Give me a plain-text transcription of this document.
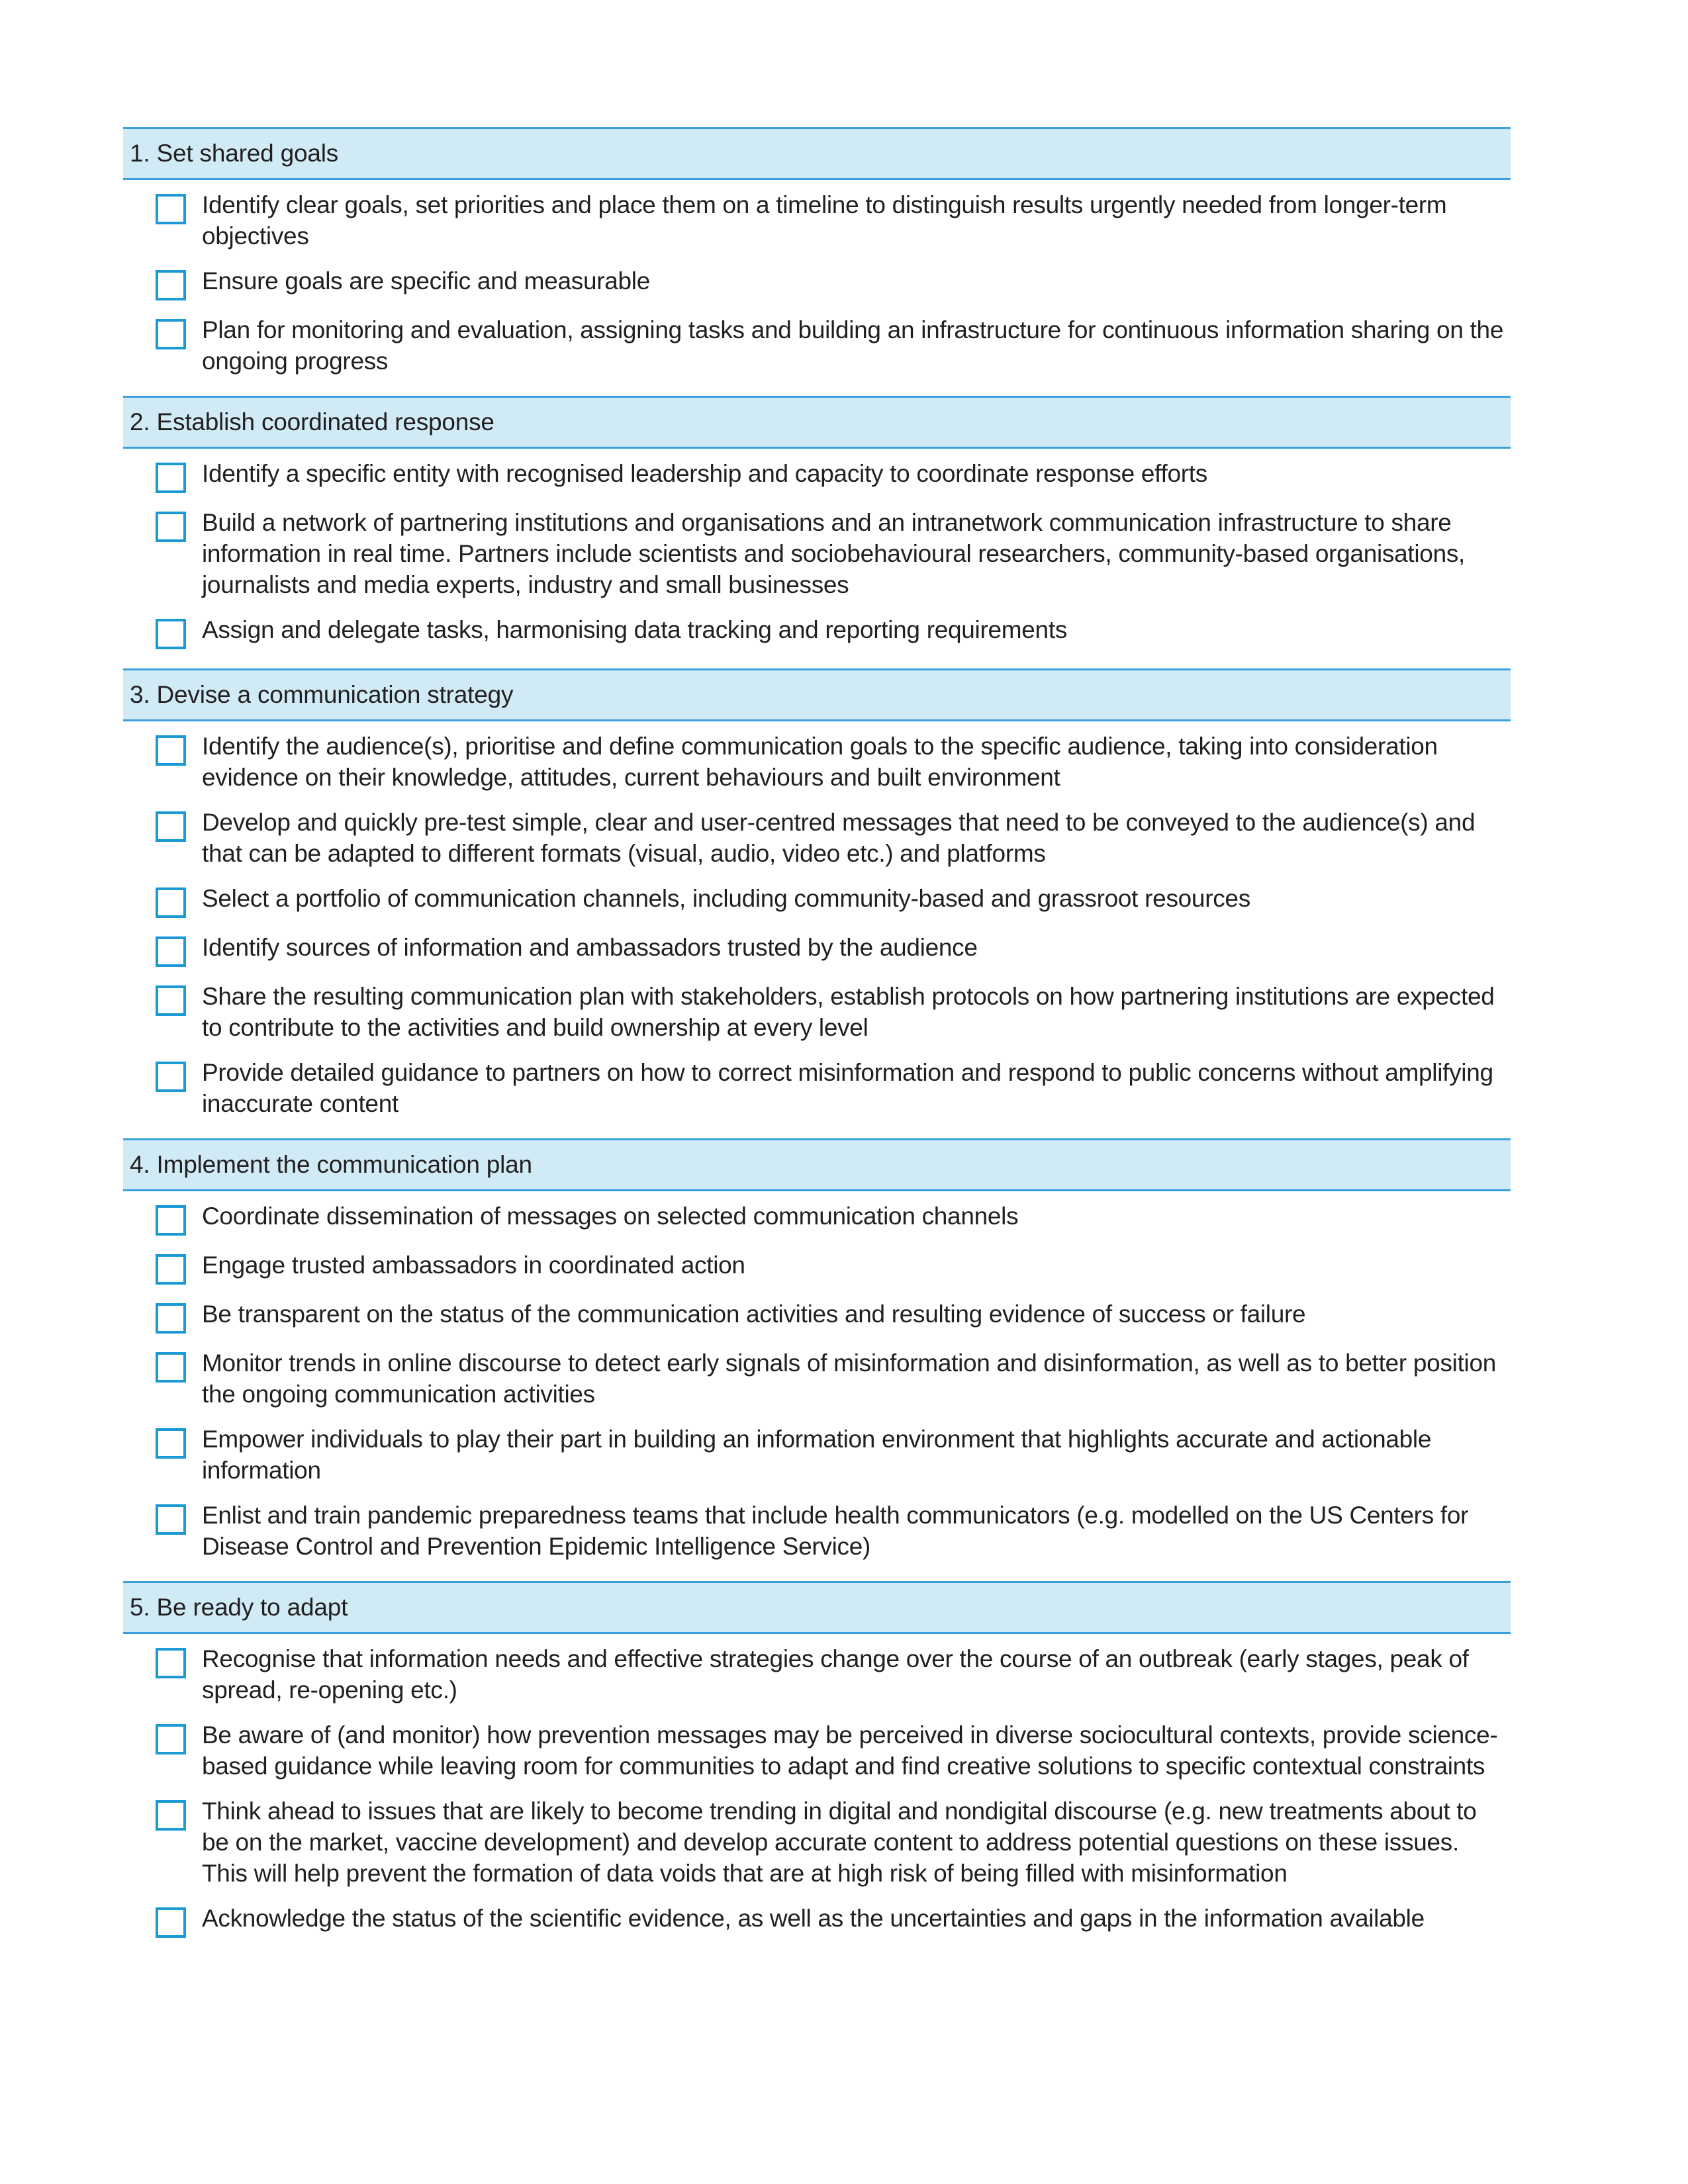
1. Set shared goals
Identify clear goals, set priorities and place them on a timeline to distinguish results urgently needed from longer-term objectives
Ensure goals are specific and measurable
Plan for monitoring and evaluation, assigning tasks and building an infrastructure for continuous information sharing on the ongoing progress
2. Establish coordinated response
Identify a specific entity with recognised leadership and capacity to coordinate response efforts
Build a network of partnering institutions and organisations and an intranetwork communication infrastructure to share information in real time. Partners include scientists and sociobehavioural researchers, community-based organisations, journalists and media experts, industry and small businesses
Assign and delegate tasks, harmonising data tracking and reporting requirements
3. Devise a communication strategy
Identify the audience(s), prioritise and define communication goals to the specific audience, taking into consideration evidence on their knowledge, attitudes, current behaviours and built environment
Develop and quickly pre-test simple, clear and user-centred messages that need to be conveyed to the audience(s) and that can be adapted to different formats (visual, audio, video etc.) and platforms
Select a portfolio of communication channels, including community-based and grassroot resources
Identify sources of information and ambassadors trusted by the audience
Share the resulting communication plan with stakeholders, establish protocols on how partnering institutions are expected to contribute to the activities and build ownership at every level
Provide detailed guidance to partners on how to correct misinformation and respond to public concerns without amplifying inaccurate content
4. Implement the communication plan
Coordinate dissemination of messages on selected communication channels
Engage trusted ambassadors in coordinated action
Be transparent on the status of the communication activities and resulting evidence of success or failure
Monitor trends in online discourse to detect early signals of misinformation and disinformation, as well as to better position the ongoing communication activities
Empower individuals to play their part in building an information environment that highlights accurate and actionable information
Enlist and train pandemic preparedness teams that include health communicators (e.g. modelled on the US Centers for Disease Control and Prevention Epidemic Intelligence Service)
5. Be ready to adapt
Recognise that information needs and effective strategies change over the course of an outbreak (early stages, peak of spread, re-opening etc.)
Be aware of (and monitor) how prevention messages may be perceived in diverse sociocultural contexts, provide science-based guidance while leaving room for communities to adapt and find creative solutions to specific contextual constraints
Think ahead to issues that are likely to become trending in digital and nondigital discourse (e.g. new treatments about to be on the market, vaccine development) and develop accurate content to address potential questions on these issues. This will help prevent the formation of data voids that are at high risk of being filled with misinformation
Acknowledge the status of the scientific evidence, as well as the uncertainties and gaps in the information available
